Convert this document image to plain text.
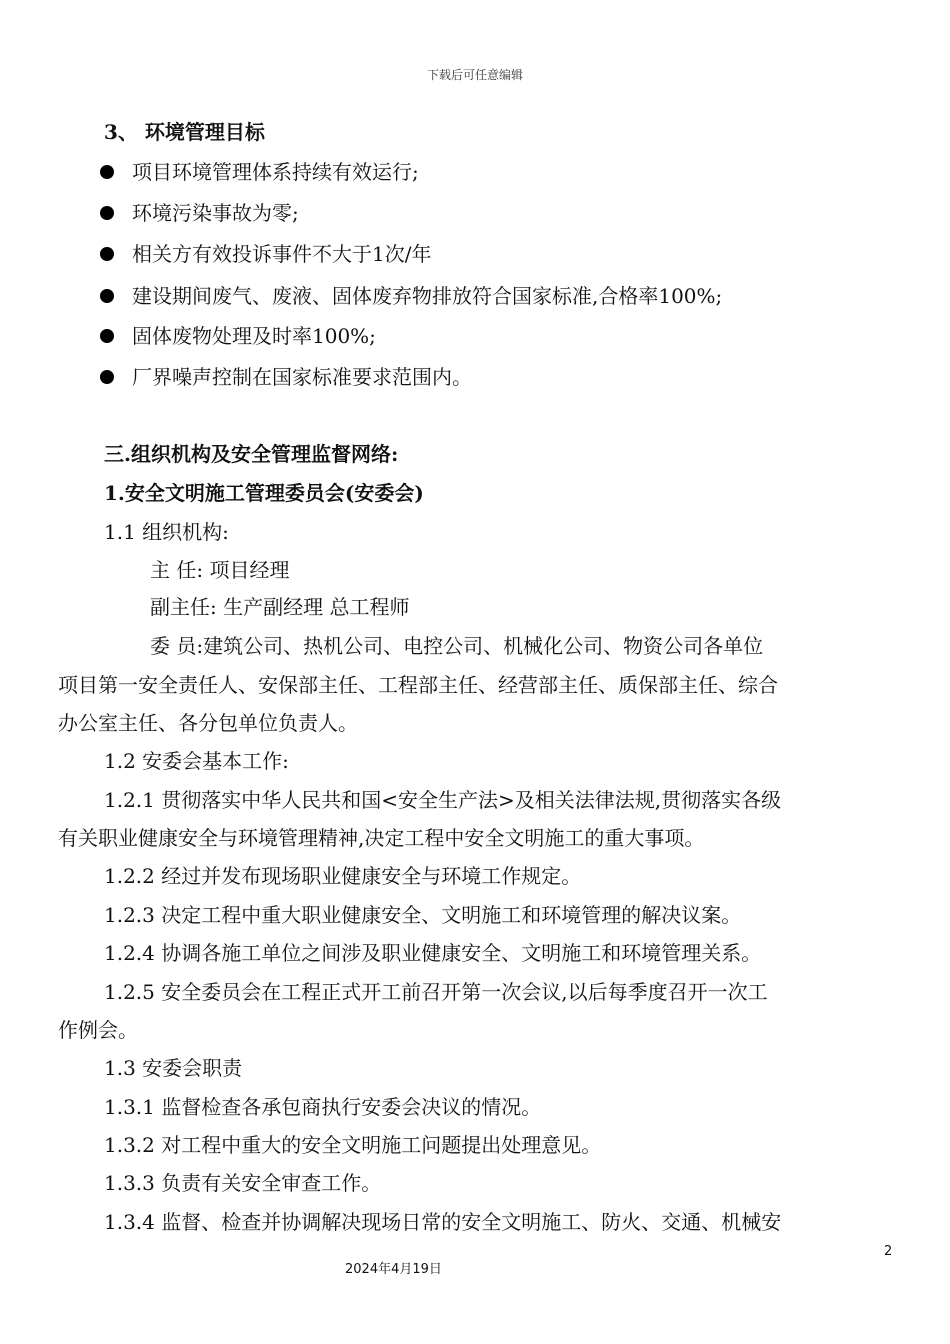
下载后可任意编辑
3、 环境管理目标
项目环境管理体系持续有效运行;
环境污染事故为零;
相关方有效投诉事件不大于1次/年
建设期间废气、废液、固体废弃物排放符合国家标准,合格率100%;
固体废物处理及时率100%;
厂界噪声控制在国家标准要求范围内。
三.组织机构及安全管理监督网络:
1.安全文明施工管理委员会(安委会)
1.1 组织机构:
主 任: 项目经理
副主任: 生产副经理 总工程师
委 员:建筑公司、热机公司、电控公司、机械化公司、物资公司各单位
项目第一安全责任人、安保部主任、工程部主任、经营部主任、质保部主任、综合
办公室主任、各分包单位负责人。
1.2 安委会基本工作:
1.2.1 贯彻落实中华人民共和国<安全生产法>及相关法律法规,贯彻落实各级
有关职业健康安全与环境管理精神,决定工程中安全文明施工的重大事项。
1.2.2 经过并发布现场职业健康安全与环境工作规定。
1.2.3 决定工程中重大职业健康安全、文明施工和环境管理的解决议案。
1.2.4 协调各施工单位之间涉及职业健康安全、文明施工和环境管理关系。
1.2.5 安全委员会在工程正式开工前召开第一次会议,以后每季度召开一次工
作例会。
1.3 安委会职责
1.3.1 监督检查各承包商执行安委会决议的情况。
1.3.2 对工程中重大的安全文明施工问题提出处理意见。
1.3.3 负责有关安全审查工作。
1.3.4 监督、检查并协调解决现场日常的安全文明施工、防火、交通、机械安
2
2024年4月19日
